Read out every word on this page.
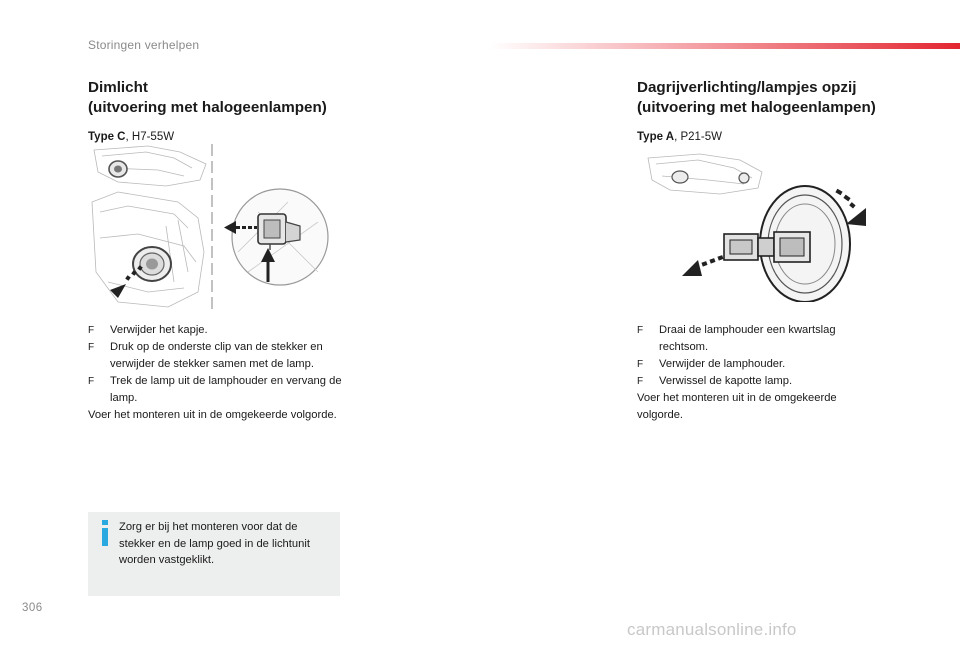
Storingen verhelpen
Dimlicht
(uitvoering met halogeenlampen)
Type C, H7-55W
F	Verwijder het kapje.
F	Druk op de onderste clip van de stekker en verwijder de stekker samen met de lamp.
F	Trek de lamp uit de lamphouder en vervang de lamp.
Voer het monteren uit in de omgekeerde volgorde.
Zorg er bij het monteren voor dat de stekker en de lamp goed in de lichtunit worden vastgeklikt.
Dagrijverlichting/lampjes opzij
(uitvoering met halogeenlampen)
Type A, P21-5W
F	Draai de lamphouder een kwartslag rechtsom.
F	Verwijder de lamphouder.
F	Verwissel de kapotte lamp.
Voer het monteren uit in de omgekeerde volgorde.
306
carmanualsonline.info
